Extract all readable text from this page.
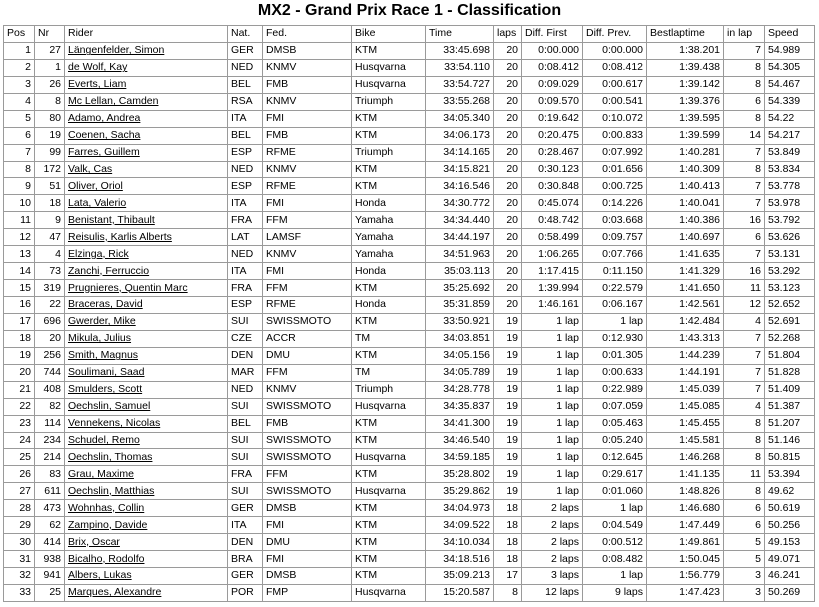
MX2 - Grand Prix Race 1 - Classification
Pos	Nr	Rider	Nat.	Fed.	Bike	Time	laps	Diff. First	Diff. Prev.	Bestlaptime	in lap	Speed
1	27	Längenfelder, Simon	GER	DMSB	KTM	33:45.698	20	0:00.000	0:00.000	1:38.201	7	54.989
2	1	de Wolf, Kay	NED	KNMV	Husqvarna	33:54.110	20	0:08.412	0:08.412	1:39.438	8	54.305
3	26	Everts, Liam	BEL	FMB	Husqvarna	33:54.727	20	0:09.029	0:00.617	1:39.142	8	54.467
4	8	Mc Lellan, Camden	RSA	KNMV	Triumph	33:55.268	20	0:09.570	0:00.541	1:39.376	6	54.339
5	80	Adamo, Andrea	ITA	FMI	KTM	34:05.340	20	0:19.642	0:10.072	1:39.595	8	54.22
6	19	Coenen, Sacha	BEL	FMB	KTM	34:06.173	20	0:20.475	0:00.833	1:39.599	14	54.217
7	99	Farres, Guillem	ESP	RFME	Triumph	34:14.165	20	0:28.467	0:07.992	1:40.281	7	53.849
8	172	Valk, Cas	NED	KNMV	KTM	34:15.821	20	0:30.123	0:01.656	1:40.309	8	53.834
9	51	Oliver, Oriol	ESP	RFME	KTM	34:16.546	20	0:30.848	0:00.725	1:40.413	7	53.778
10	18	Lata, Valerio	ITA	FMI	Honda	34:30.772	20	0:45.074	0:14.226	1:40.041	7	53.978
11	9	Benistant, Thibault	FRA	FFM	Yamaha	34:34.440	20	0:48.742	0:03.668	1:40.386	16	53.792
12	47	Reisulis, Karlis Alberts	LAT	LAMSF	Yamaha	34:44.197	20	0:58.499	0:09.757	1:40.697	6	53.626
13	4	Elzinga, Rick	NED	KNMV	Yamaha	34:51.963	20	1:06.265	0:07.766	1:41.635	7	53.131
14	73	Zanchi, Ferruccio	ITA	FMI	Honda	35:03.113	20	1:17.415	0:11.150	1:41.329	16	53.292
15	319	Prugnieres, Quentin Marc	FRA	FFM	KTM	35:25.692	20	1:39.994	0:22.579	1:41.650	11	53.123
16	22	Braceras, David	ESP	RFME	Honda	35:31.859	20	1:46.161	0:06.167	1:42.561	12	52.652
17	696	Gwerder, Mike	SUI	SWISSMOTO	KTM	33:50.921	19	1 lap	1 lap	1:42.484	4	52.691
18	20	Mikula, Julius	CZE	ACCR	TM	34:03.851	19	1 lap	0:12.930	1:43.313	7	52.268
19	256	Smith, Magnus	DEN	DMU	KTM	34:05.156	19	1 lap	0:01.305	1:44.239	7	51.804
20	744	Soulimani, Saad	MAR	FFM	TM	34:05.789	19	1 lap	0:00.633	1:44.191	7	51.828
21	408	Smulders, Scott	NED	KNMV	Triumph	34:28.778	19	1 lap	0:22.989	1:45.039	7	51.409
22	82	Oechslin, Samuel	SUI	SWISSMOTO	Husqvarna	34:35.837	19	1 lap	0:07.059	1:45.085	4	51.387
23	114	Vennekens, Nicolas	BEL	FMB	KTM	34:41.300	19	1 lap	0:05.463	1:45.455	8	51.207
24	234	Schudel, Remo	SUI	SWISSMOTO	KTM	34:46.540	19	1 lap	0:05.240	1:45.581	8	51.146
25	214	Oechslin, Thomas	SUI	SWISSMOTO	Husqvarna	34:59.185	19	1 lap	0:12.645	1:46.268	8	50.815
26	83	Grau, Maxime	FRA	FFM	KTM	35:28.802	19	1 lap	0:29.617	1:41.135	11	53.394
27	611	Oechslin, Matthias	SUI	SWISSMOTO	Husqvarna	35:29.862	19	1 lap	0:01.060	1:48.826	8	49.62
28	473	Wohnhas, Collin	GER	DMSB	KTM	34:04.973	18	2 laps	1 lap	1:46.680	6	50.619
29	62	Zampino, Davide	ITA	FMI	KTM	34:09.522	18	2 laps	0:04.549	1:47.449	6	50.256
30	414	Brix, Oscar	DEN	DMU	KTM	34:10.034	18	2 laps	0:00.512	1:49.861	5	49.153
31	938	Bicalho, Rodolfo	BRA	FMI	KTM	34:18.516	18	2 laps	0:08.482	1:50.045	5	49.071
32	941	Albers, Lukas	GER	DMSB	KTM	35:09.213	17	3 laps	1 lap	1:56.779	3	46.241
33	25	Marques, Alexandre	POR	FMP	Husqvarna	15:20.587	8	12 laps	9 laps	1:47.423	3	50.269
